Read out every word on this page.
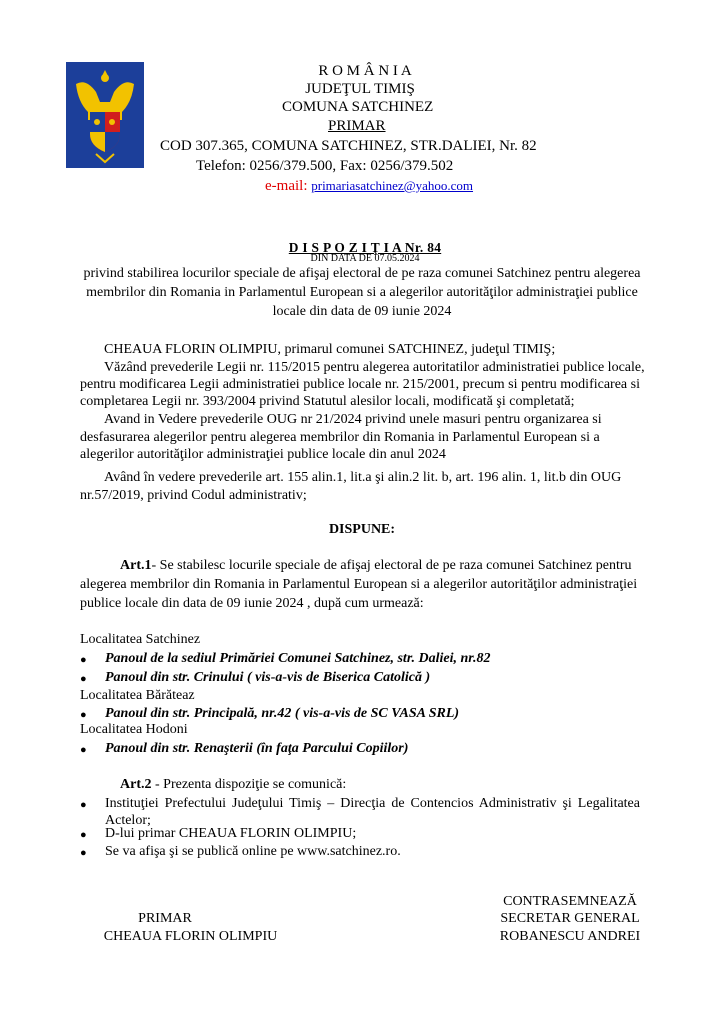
R O M Â N I A
JUDEŢUL TIMIŞ
COMUNA SATCHINEZ
PRIMAR
COD 307.365, COMUNA SATCHINEZ, STR.DALIEI, Nr. 82
Telefon: 0256/379.500, Fax: 0256/379.502
e-mail: primariasatchinez@yahoo.com
D I S P O Z I Ţ I A Nr. 84
DIN DATA DE 07.05.2024
privind stabilirea locurilor speciale de afişaj electoral de pe raza comunei Satchinez pentru alegerea
membrilor din Romania in Parlamentul European si a alegerilor autorităţilor administraţiei publice
locale din data de 09 iunie 2024
CHEAUA FLORIN OLIMPIU, primarul comunei SATCHINEZ, judeţul TIMIŞ;
Văzând prevederile Legii nr. 115/2015 pentru alegerea autoritatilor administratiei publice locale,
pentru modificarea Legii administratiei publice locale nr. 215/2001, precum si pentru modificarea si
completarea Legii nr. 393/2004 privind Statutul alesilor locali, modificată şi completată;
Avand in Vedere prevederile OUG nr 21/2024 privind unele masuri pentru organizarea si
desfasurarea alegerilor pentru alegerea membrilor din Romania in Parlamentul European si a
alegerilor autorităţilor administraţiei publice locale din anul 2024
Având în vedere prevederile art. 155 alin.1, lit.a şi alin.2 lit. b, art. 196 alin. 1, lit.b din OUG
nr.57/2019, privind Codul administrativ;
DISPUNE:
Art.1- Se stabilesc locurile speciale de afişaj electoral de pe raza comunei Satchinez pentru
alegerea membrilor din Romania in Parlamentul European si a alegerilor autorităţilor administraţiei
publice locale din data de 09 iunie 2024 , după cum urmează:
Localitatea Satchinez
● Panoul de la sediul Primăriei Comunei Satchinez, str. Daliei, nr.82
● Panoul din str. Crinului ( vis-a-vis de Biserica Catolică )
Localitatea Bărăteaz
● Panoul din str. Principală, nr.42 ( vis-a-vis de SC VASA SRL)
Localitatea Hodoni
● Panoul din str. Renaşterii (în faţa Parcului Copiilor)
Art.2 - Prezenta dispoziţie se comunică:
● Instituţiei Prefectului Judeţului Timiş – Direcţia de Contencios Administrativ şi Legalitatea
Actelor;
● D-lui primar CHEAUA FLORIN OLIMPIU;
● Se va afişa şi se publică online pe www.satchinez.ro.
CONTRASEMNEAZĂ
PRIMAR	SECRETAR GENERAL
CHEAUA FLORIN OLIMPIU	ROBANESCU ANDREI
